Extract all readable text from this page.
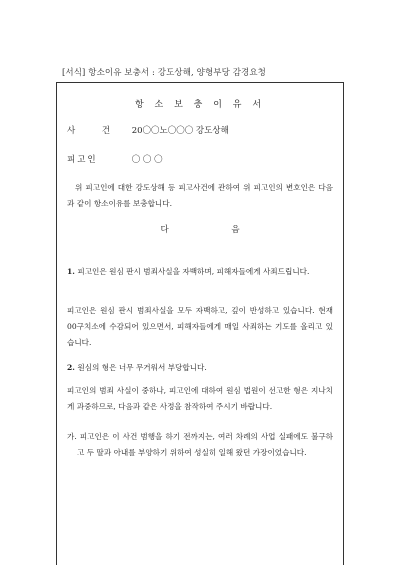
[서식] 항소이유 보충서 : 강도상해, 양형부당 감경요청
항 소 보 충 이 유 서
사 건 20〇〇노〇〇〇 강도상해
피고인	〇 〇 〇
위 피고인에 대한 강도상해 등 피고사건에 관하여 위 피고인의 변호인은 다음과 같이 항소이유를 보충합니다.
다 음
1. 피고인은 원심 판시 범죄사실을 자백하며, 피해자들에게 사죄드립니다.
피고인은 원심 판시 범죄사실을 모두 자백하고, 깊이 반성하고 있습니다. 현재 00구치소에 수감되어 있으면서, 피해자들에게 매일 사죄하는 기도를 올리고 있습니다.
2. 원심의 형은 너무 무거워서 부당합니다.
피고인의 범죄 사실이 중하나, 피고인에 대하여 원심 법원이 선고한 형은 지나치게 과중하므로, 다음과 같은 사정을 참작하여 주시기 바랍니다.
가. 피고인은 이 사건 범행을 하기 전까지는, 여러 차례의 사업 실패에도 불구하고 두 딸과 아내를 부양하기 위하여 성실히 일해 왔던 가장이었습니다.
